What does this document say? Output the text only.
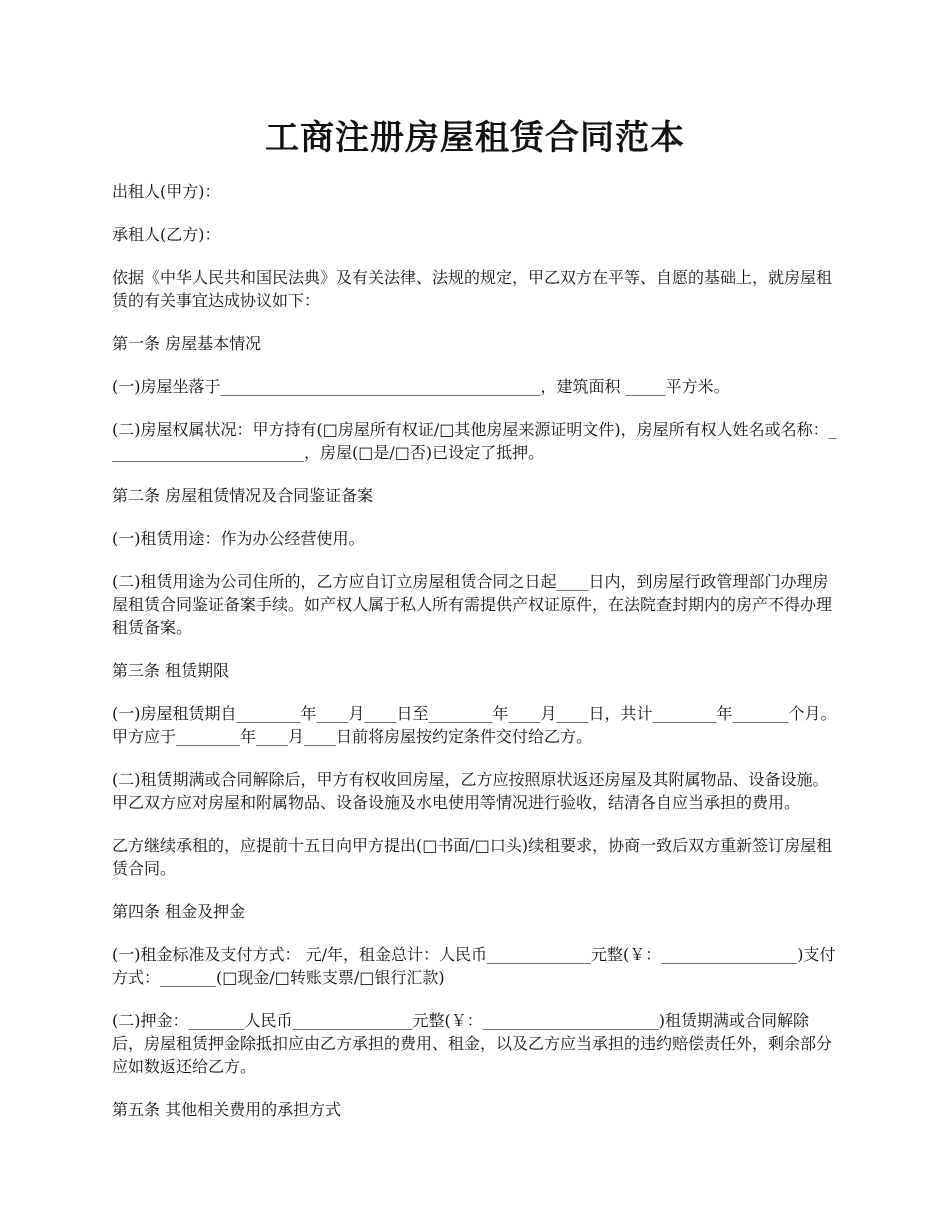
工商注册房屋租赁合同范本

出租人(甲方)：

承租人(乙方)：

依据《中华人民共和国民法典》及有关法律、法规的规定，甲乙双方在平等、自愿的基础上，就房屋租赁的有关事宜达成协议如下：

第一条 房屋基本情况

(一)房屋坐落于________________________________________，建筑面积 _____平方米。

(二)房屋权属状况：甲方持有(□房屋所有权证/□其他房屋来源证明文件)，房屋所有权人姓名或名称：_________________________，房屋(□是/□否)已设定了抵押。

第二条 房屋租赁情况及合同鉴证备案

(一)租赁用途：作为办公经营使用。

(二)租赁用途为公司住所的，乙方应自订立房屋租赁合同之日起____日内，到房屋行政管理部门办理房屋租赁合同鉴证备案手续。如产权人属于私人所有需提供产权证原件，在法院查封期内的房产不得办理租赁备案。

第三条 租赁期限

(一)房屋租赁期自________年____月____日至________年____月____日，共计________年_______个月。甲方应于________年____月____日前将房屋按约定条件交付给乙方。

(二)租赁期满或合同解除后，甲方有权收回房屋，乙方应按照原状返还房屋及其附属物品、设备设施。甲乙双方应对房屋和附属物品、设备设施及水电使用等情况进行验收，结清各自应当承担的费用。

乙方继续承租的，应提前十五日向甲方提出(□书面/□口头)续租要求，协商一致后双方重新签订房屋租赁合同。

第四条 租金及押金

(一)租金标准及支付方式： 元/年，租金总计：人民币_____________元整(￥：_________________)支付方式：_______(□现金/□转账支票/□银行汇款)

(二)押金：_______人民币_______________元整(￥：______________________)租赁期满或合同解除后，房屋租赁押金除抵扣应由乙方承担的费用、租金，以及乙方应当承担的违约赔偿责任外，剩余部分应如数返还给乙方。

第五条 其他相关费用的承担方式
